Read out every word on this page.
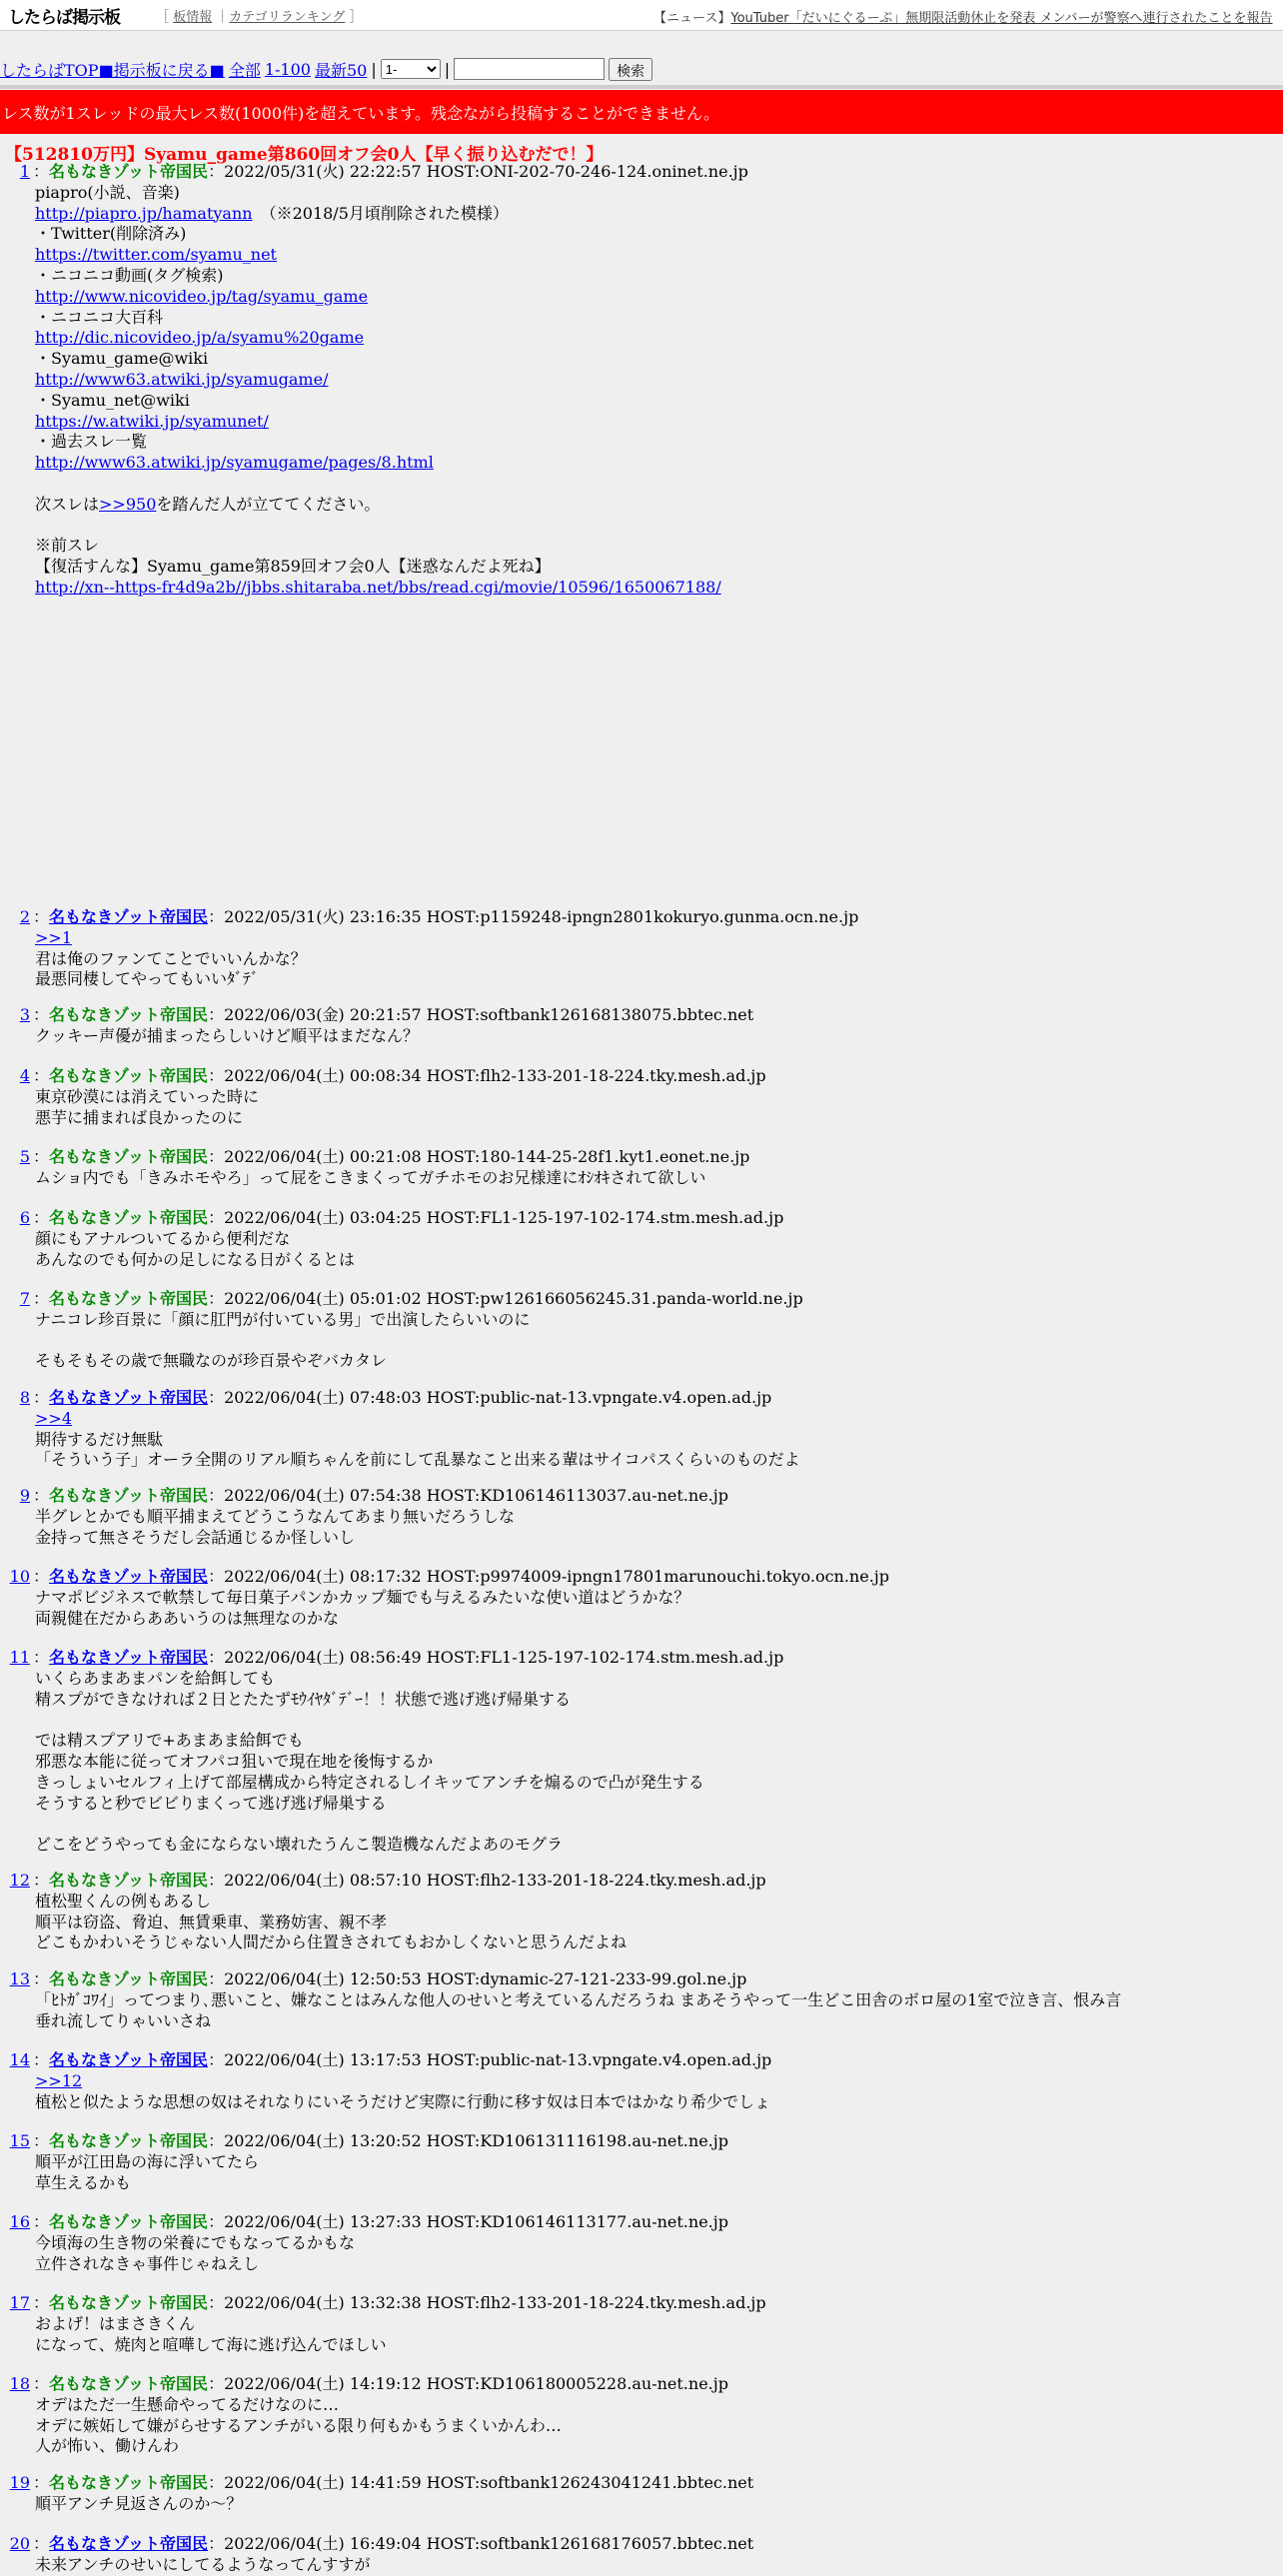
したらば掲示板	［ 板情報 ｜カテゴリランキング ］	【ニュース】YouTuber「だいにぐるーぷ」無期限活動休止を発表 メンバーが警察へ連行されたことを報告
したらばTOP ■掲示板に戻る■ 全部 1-100 最新50 |
1-	|	検索
レス数が1スレッドの最大レス数(1000件)を超えています。残念ながら投稿することができません。
【512810万円】Syamu_game第860回オフ会0人【早く振り込むだで！】
1 ：名もなきゾット帝国民：2022/05/31(火) 22:22:57 HOST:ONI-202-70-246-124.oninet.ne.jp
piapro(小説、音楽)
http://piapro.jp/hamatyann　（※2018/5月頃削除された模様）
・Twitter(削除済み)
https://twitter.com/syamu_net
・ニコニコ動画(タグ検索)
http://www.nicovideo.jp/tag/syamu_game
・ニコニコ大百科
http://dic.nicovideo.jp/a/syamu%20game
・Syamu_game@wiki
http://www63.atwiki.jp/syamugame/
・Syamu_net@wiki
https://w.atwiki.jp/syamunet/
・過去スレ一覧
http://www63.atwiki.jp/syamugame/pages/8.html
次スレは>>950を踏んだ人が立ててください。
※前スレ
【復活すんな】Syamu_game第859回オフ会0人【迷惑なんだよ死ね】
http://xn--https-fr4d9a2b//jbbs.shitaraba.net/bbs/read.cgi/movie/10596/1650067188/
2 ：名もなきゾット帝国民：2022/05/31(火) 23:16:35 HOST:p1159248-ipngn2801kokuryo.gunma.ocn.ne.jp
>>1
君は俺のファンてことでいいんかな？
最悪同棲してやってもいいﾀﾞﾃﾞ
3 ：名もなきゾット帝国民：2022/06/03(金) 20:21:57 HOST:softbank126168138075.bbtec.net
クッキー声優が捕まったらしいけど順平はまだなん？
4 ：名もなきゾット帝国民：2022/06/04(土) 00:08:34 HOST:flh2-133-201-18-224.tky.mesh.ad.jp
東京砂漠には消えていった時に
悪芋に捕まれば良かったのに
5 ：名もなきゾット帝国民：2022/06/04(土) 00:21:08 HOST:180-144-25-28f1.kyt1.eonet.ne.jp
ムショ内でも「きみホモやろ」って屁をこきまくってガチホモのお兄様達にｵｼｵｷされて欲しい
6 ：名もなきゾット帝国民：2022/06/04(土) 03:04:25 HOST:FL1-125-197-102-174.stm.mesh.ad.jp
顔にもアナルついてるから便利だな
あんなのでも何かの足しになる日がくるとは
7 ：名もなきゾット帝国民：2022/06/04(土) 05:01:02 HOST:pw126166056245.31.panda-world.ne.jp
ナニコレ珍百景に「顔に肛門が付いている男」で出演したらいいのに
そもそもその歳で無職なのが珍百景やぞバカタレ
8 ：名もなきゾット帝国民：2022/06/04(土) 07:48:03 HOST:public-nat-13.vpngate.v4.open.ad.jp
>>4
期待するだけ無駄
「そういう子」オーラ全開のリアル順ちゃんを前にして乱暴なこと出来る輩はサイコパスくらいのものだよ
9 ：名もなきゾット帝国民：2022/06/04(土) 07:54:38 HOST:KD106146113037.au-net.ne.jp
半グレとかでも順平捕まえてどうこうなんてあまり無いだろうしな
金持って無さそうだし会話通じるか怪しいし
10 ：名もなきゾット帝国民：2022/06/04(土) 08:17:32 HOST:p9974009-ipngn17801marunouchi.tokyo.ocn.ne.jp
ナマポビジネスで軟禁して毎日菓子パンかカップ麺でも与えるみたいな使い道はどうかな？
両親健在だからああいうのは無理なのかな
11 ：名もなきゾット帝国民：2022/06/04(土) 08:56:49 HOST:FL1-125-197-102-174.stm.mesh.ad.jp
いくらあまあまパンを給餌しても
精スプができなければ２日とたたずﾓｳｲﾔﾀﾞﾃﾞｰ！！状態で逃げ逃げ帰巣する
では精スプアリで+あまあま給餌でも
邪悪な本能に従ってオフパコ狙いで現在地を後悔するか
きっしょいセルフィ上げて部屋構成から特定されるしイキッてアンチを煽るので凸が発生する
そうすると秒でビビりまくって逃げ逃げ帰巣する
どこをどうやっても金にならない壊れたうんこ製造機なんだよあのモグラ
12 ：名もなきゾット帝国民：2022/06/04(土) 08:57:10 HOST:flh2-133-201-18-224.tky.mesh.ad.jp
植松聖くんの例もあるし
順平は窃盗、脅迫、無賃乗車、業務妨害、親不孝
どこもかわいそうじゃない人間だから住置きされてもおかしくないと思うんだよね
13 ：名もなきゾット帝国民：2022/06/04(土) 12:50:53 HOST:dynamic-27-121-233-99.gol.ne.jp
「ﾋﾄｶﾞｺﾜｲ」ってつまり､悪いこと、嫌なことはみんな他人のせいと考えているんだろうね まあそうやって一生どこ田舎のボロ屋の1室で泣き言、恨み言
垂れ流してりゃいいさね
14 ：名もなきゾット帝国民：2022/06/04(土) 13:17:53 HOST:public-nat-13.vpngate.v4.open.ad.jp
>>12
植松と似たような思想の奴はそれなりにいそうだけど実際に行動に移す奴は日本ではかなり希少でしょ
15 ：名もなきゾット帝国民：2022/06/04(土) 13:20:52 HOST:KD106131116198.au-net.ne.jp
順平が江田島の海に浮いてたら
草生えるかも
16 ：名もなきゾット帝国民：2022/06/04(土) 13:27:33 HOST:KD106146113177.au-net.ne.jp
今頃海の生き物の栄養にでもなってるかもな
立件されなきゃ事件じゃねえし
17 ：名もなきゾット帝国民：2022/06/04(土) 13:32:38 HOST:flh2-133-201-18-224.tky.mesh.ad.jp
およげ！はまさきくん
になって、焼肉と喧嘩して海に逃げ込んでほしい
18 ：名もなきゾット帝国民：2022/06/04(土) 14:19:12 HOST:KD106180005228.au-net.ne.jp
オデはただ一生懸命やってるだけなのに…
オデに嫉妬して嫌がらせするアンチがいる限り何もかもうまくいかんわ…
人が怖い、働けんわ
19 ：名もなきゾット帝国民：2022/06/04(土) 14:41:59 HOST:softbank126243041241.bbtec.net
順平アンチ見返さんのか～？
20 ：名もなきゾット帝国民：2022/06/04(土) 16:49:04 HOST:softbank126168176057.bbtec.net
未来アンチのせいにしてるようなってんすすが
